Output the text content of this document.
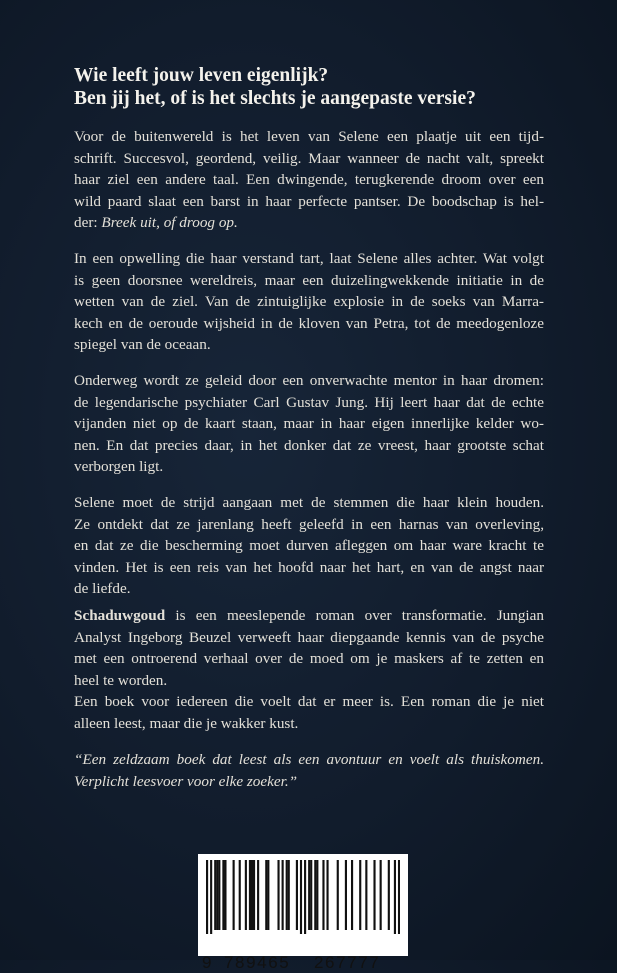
Wie leeft jouw leven eigenlijk?
Ben jij het, of is het slechts je aangepaste versie?

Voor de buitenwereld is het leven van Selene een plaatje uit een tijd-
schrift. Succesvol, geordend, veilig. Maar wanneer de nacht valt, spreekt
haar ziel een andere taal. Een dwingende, terugkerende droom over een
wild paard slaat een barst in haar perfecte pantser. De boodschap is hel-
der: Breek uit, of droog op.

In een opwelling die haar verstand tart, laat Selene alles achter. Wat volgt
is geen doorsnee wereldreis, maar een duizelingwekkende initiatie in de
wetten van de ziel. Van de zintuiglijke explosie in de soeks van Marra-
kech en de oeroude wijsheid in de kloven van Petra, tot de meedogenloze
spiegel van de oceaan.

Onderweg wordt ze geleid door een onverwachte mentor in haar dromen:
de legendarische psychiater Carl Gustav Jung. Hij leert haar dat de echte
vijanden niet op de kaart staan, maar in haar eigen innerlijke kelder wo-
nen. En dat precies daar, in het donker dat ze vreest, haar grootste schat
verborgen ligt.

Selene moet de strijd aangaan met de stemmen die haar klein houden.
Ze ontdekt dat ze jarenlang heeft geleefd in een harnas van overleving,
en dat ze die bescherming moet durven afleggen om haar ware kracht te
vinden. Het is een reis van het hoofd naar het hart, en van de angst naar
de liefde.

Schaduwgoud is een meeslepende roman over transformatie. Jungian
Analyst Ingeborg Beuzel verweeft haar diepgaande kennis van de psyche
met een ontroerend verhaal over de moed om je maskers af te zetten en
heel te worden.
Een boek voor iedereen die voelt dat er meer is. Een roman die je niet
alleen leest, maar die je wakker kust.

“Een zeldzaam boek dat leest als een avontuur en voelt als thuiskomen.
Verplicht leesvoer voor elke zoeker.”

9 789465 267777
